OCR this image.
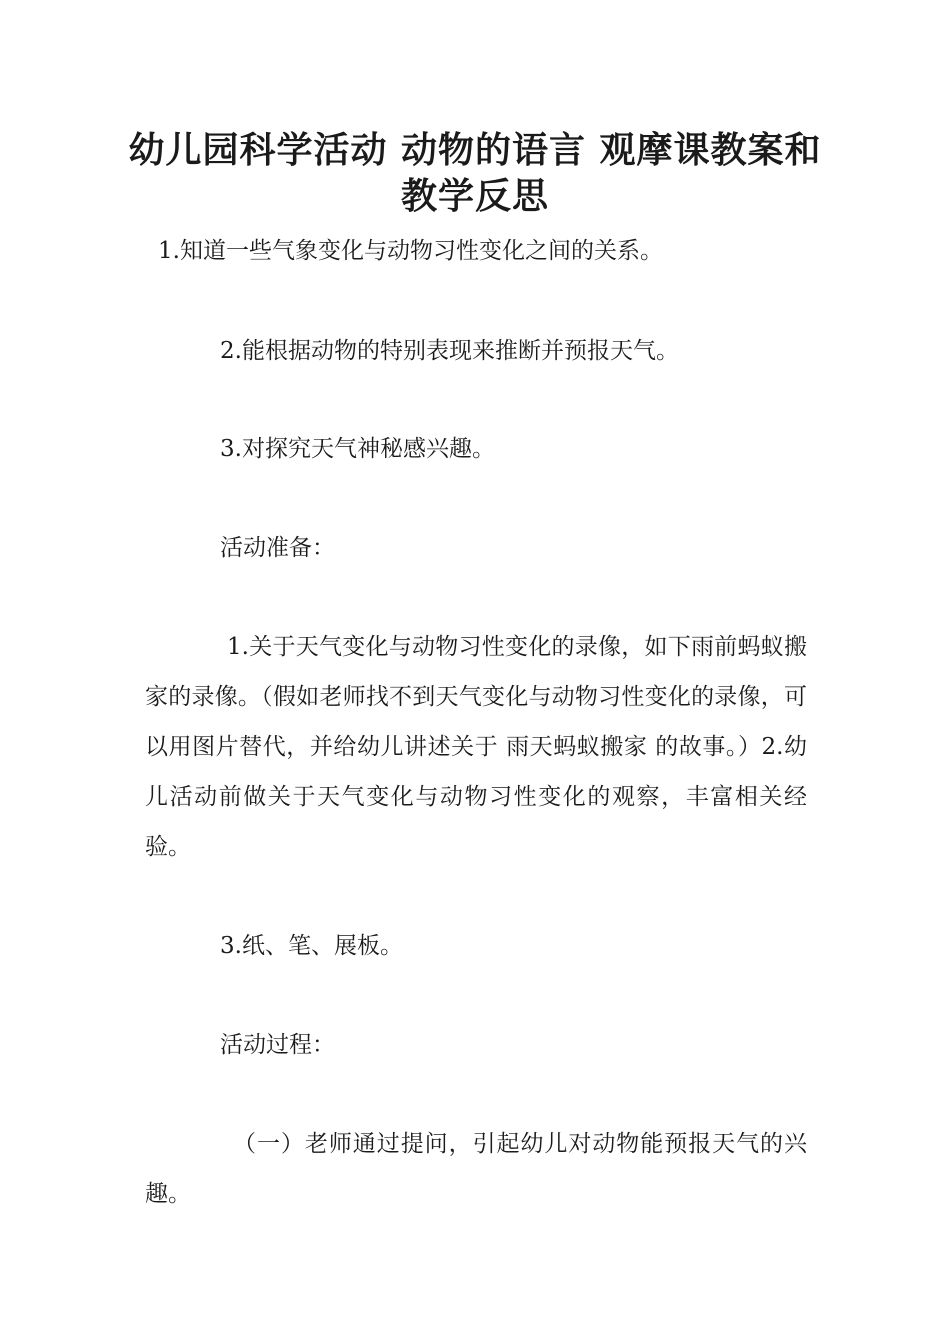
幼儿园科学活动 动物的语言 观摩课教案和教学反思

1.知道一些气象变化与动物习性变化之间的关系。

2.能根据动物的特别表现来推断并预报天气。

3.对探究天气神秘感兴趣。

活动准备：

1.关于天气变化与动物习性变化的录像，如下雨前蚂蚁搬家的录像。（假如老师找不到天气变化与动物习性变化的录像，可以用图片替代，并给幼儿讲述关于 雨天蚂蚁搬家 的故事。）2.幼儿活动前做关于天气变化与动物习性变化的观察，丰富相关经验。

3.纸、笔、展板。

活动过程：

（一）老师通过提问，引起幼儿对动物能预报天气的兴趣。
